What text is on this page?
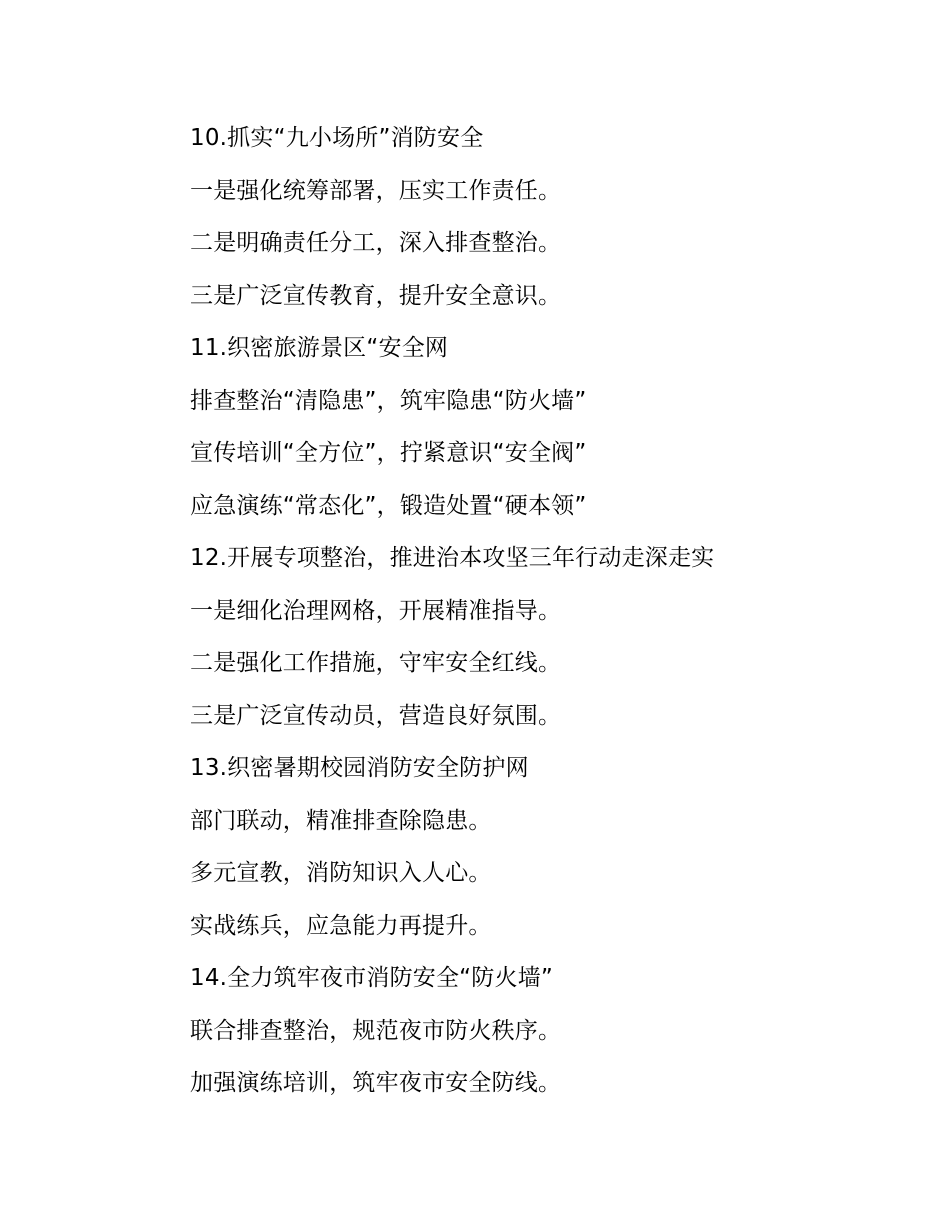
10.抓实“九小场所”消防安全
一是强化统筹部署，压实工作责任。
二是明确责任分工，深入排查整治。
三是广泛宣传教育，提升安全意识。
11.织密旅游景区“安全网
排查整治“清隐患”，筑牢隐患“防火墙”
宣传培训“全方位”，拧紧意识“安全阀”
应急演练“常态化”，锻造处置“硬本领”
12.开展专项整治，推进治本攻坚三年行动走深走实
一是细化治理网格，开展精准指导。
二是强化工作措施，守牢安全红线。
三是广泛宣传动员，营造良好氛围。
13.织密暑期校园消防安全防护网
部门联动，精准排查除隐患。
多元宣教，消防知识入人心。
实战练兵，应急能力再提升。
14.全力筑牢夜市消防安全“防火墙”
联合排查整治，规范夜市防火秩序。
加强演练培训，筑牢夜市安全防线。
